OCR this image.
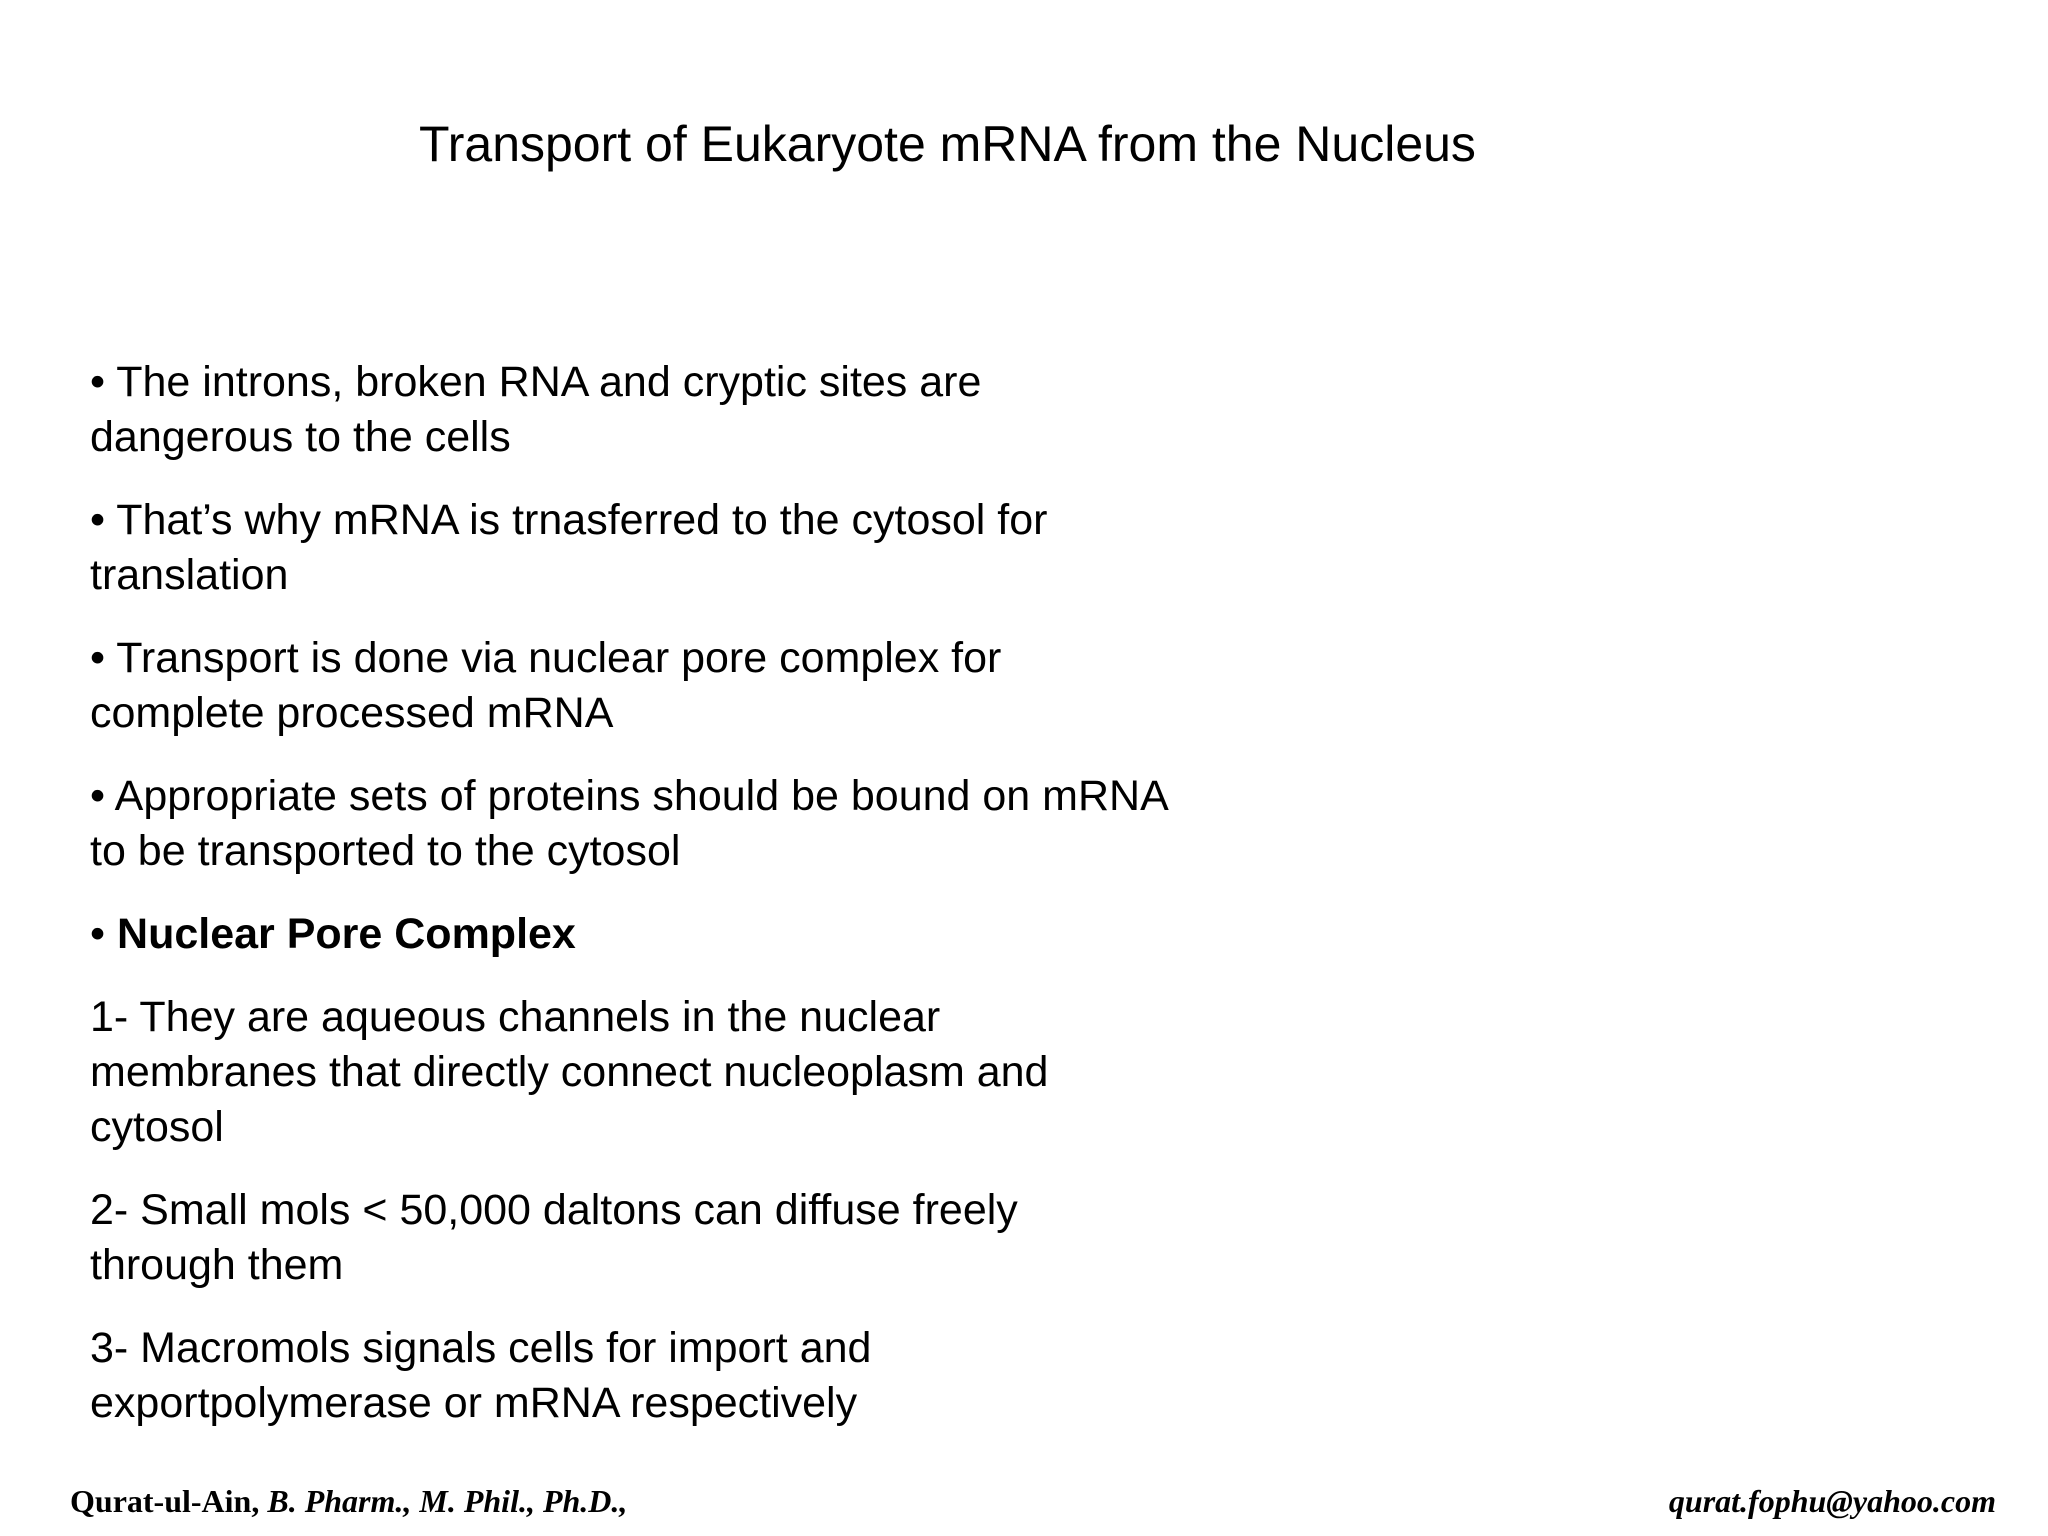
Transport of Eukaryote mRNA from the Nucleus

• The introns, broken RNA and cryptic sites are dangerous to the cells

• That’s why mRNA is trnasferred to the cytosol for translation

• Transport is done via nuclear pore complex for complete processed mRNA

• Appropriate sets of proteins should be bound on mRNA to be transported to the cytosol

• Nuclear Pore Complex

1- They are aqueous channels in the nuclear membranes that directly connect nucleoplasm and cytosol

2- Small mols < 50,000 daltons can diffuse freely through them

3- Macromols signals cells for import and exportpolymerase or mRNA respectively

Qurat-ul-Ain, B. Pharm., M. Phil., Ph.D.,	qurat.fophu@yahoo.com
